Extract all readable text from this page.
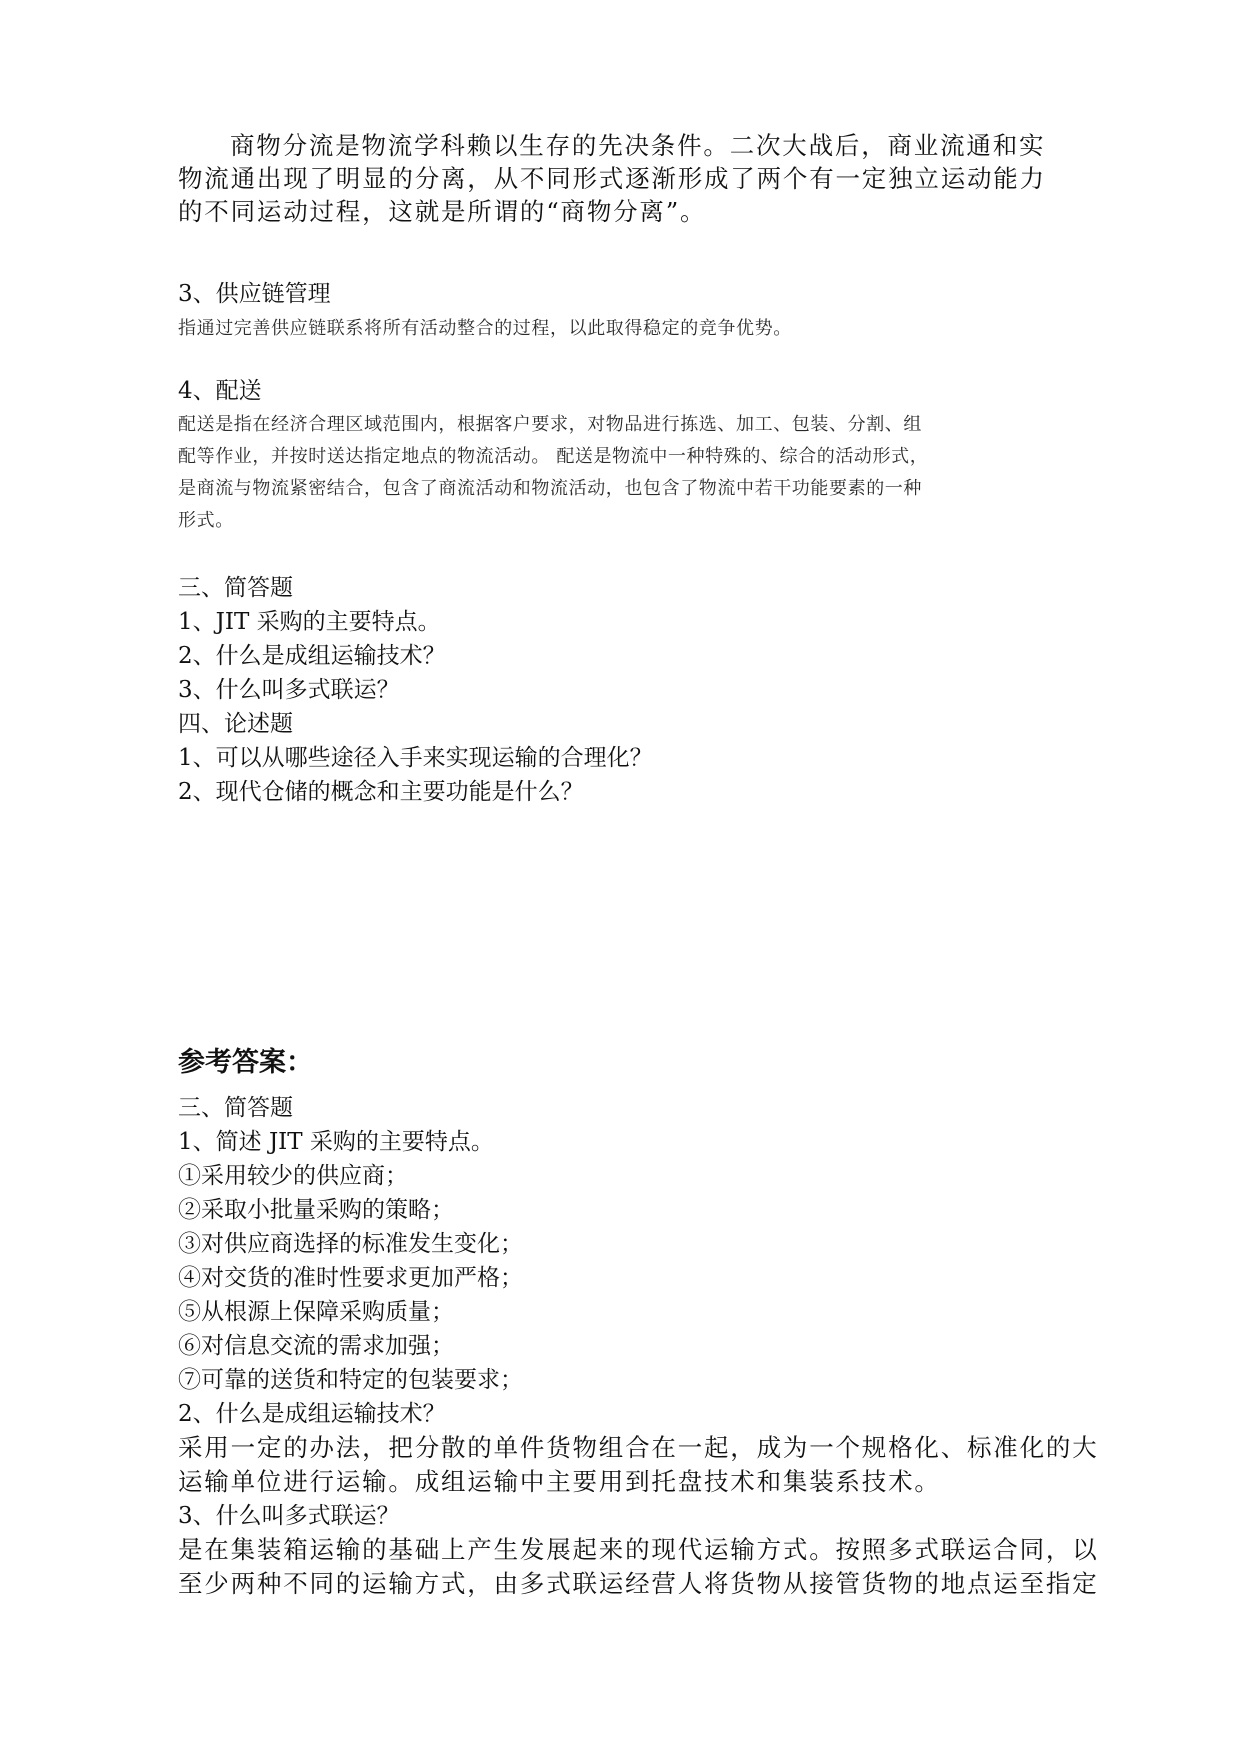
商物分流是物流学科赖以生存的先决条件。二次大战后，商业流通和实
物流通出现了明显的分离，从不同形式逐渐形成了两个有一定独立运动能力
的不同运动过程，这就是所谓的“商物分离”。
3、供应链管理
指通过完善供应链联系将所有活动整合的过程，以此取得稳定的竞争优势。
4、配送
配送是指在经济合理区域范围内，根据客户要求，对物品进行拣选、加工、包装、分割、组
配等作业，并按时送达指定地点的物流活动。 配送是物流中一种特殊的、综合的活动形式，
是商流与物流紧密结合，包含了商流活动和物流活动，也包含了物流中若干功能要素的一种
形式。
三、简答题
1、JIT 采购的主要特点。
2、什么是成组运输技术？
3、什么叫多式联运？
四、论述题
1、可以从哪些途径入手来实现运输的合理化？
2、现代仓储的概念和主要功能是什么？
参考答案：
三、简答题
1、简述 JIT 采购的主要特点。
①采用较少的供应商；
②采取小批量采购的策略；
③对供应商选择的标准发生变化；
④对交货的准时性要求更加严格；
⑤从根源上保障采购质量；
⑥对信息交流的需求加强；
⑦可靠的送货和特定的包装要求；
2、什么是成组运输技术？
采用一定的办法，把分散的单件货物组合在一起，成为一个规格化、标准化的大
运输单位进行运输。成组运输中主要用到托盘技术和集装系技术。
3、什么叫多式联运？
是在集装箱运输的基础上产生发展起来的现代运输方式。按照多式联运合同，以
至少两种不同的运输方式，由多式联运经营人将货物从接管货物的地点运至指定
